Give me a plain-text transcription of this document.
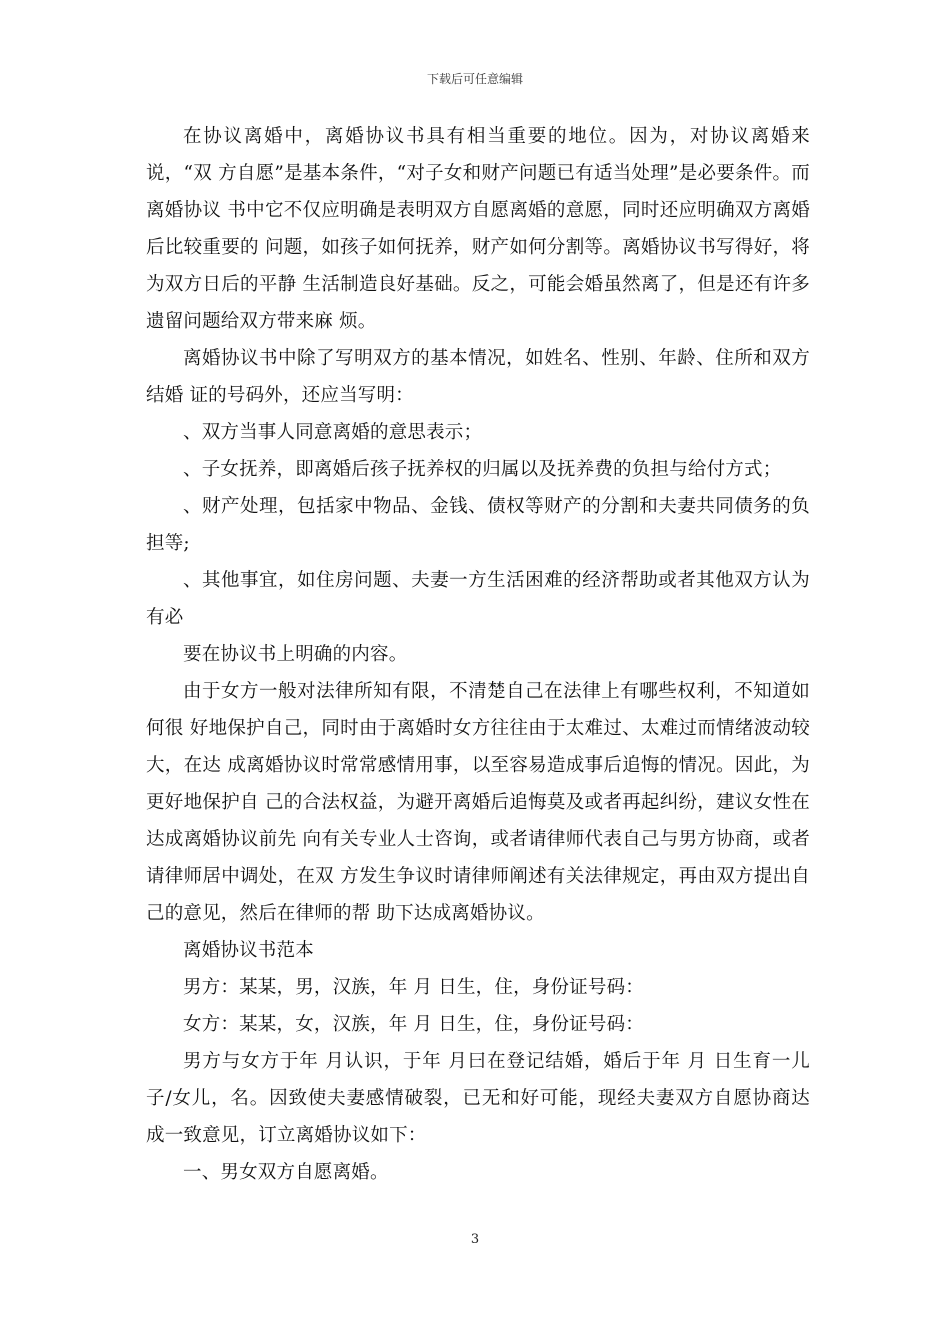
下载后可任意编辑

在协议离婚中，离婚协议书具有相当重要的地位。因为，对协议离婚来说，“双 方自愿”是基本条件，“对子女和财产问题已有适当处理”是必要条件。而离婚协议 书中它不仅应明确是表明双方自愿离婚的意愿，同时还应明确双方离婚后比较重要的 问题，如孩子如何抚养，财产如何分割等。离婚协议书写得好，将为双方日后的平静 生活制造良好基础。反之，可能会婚虽然离了，但是还有许多遗留问题给双方带来麻 烦。

离婚协议书中除了写明双方的基本情况，如姓名、性别、年龄、住所和双方结婚 证的号码外，还应当写明：

、双方当事人同意离婚的意思表示；

、子女抚养，即离婚后孩子抚养权的归属以及抚养费的负担与给付方式；

、财产处理，包括家中物品、金钱、债权等财产的分割和夫妻共同债务的负担等;

、其他事宜，如住房问题、夫妻一方生活困难的经济帮助或者其他双方认为有必

要在协议书上明确的内容。

由于女方一般对法律所知有限，不清楚自己在法律上有哪些权利，不知道如何很 好地保护自己，同时由于离婚时女方往往由于太难过、太难过而情绪波动较大，在达 成离婚协议时常常感情用事，以至容易造成事后追悔的情况。因此，为更好地保护自 己的合法权益，为避开离婚后追悔莫及或者再起纠纷，建议女性在达成离婚协议前先 向有关专业人士咨询，或者请律师代表自己与男方协商，或者请律师居中调处，在双 方发生争议时请律师阐述有关法律规定，再由双方提出自己的意见，然后在律师的帮 助下达成离婚协议。

离婚协议书范本

男方：某某，男，汉族，年 月 日生，住，身份证号码：

女方：某某，女，汉族，年 月 日生，住，身份证号码：

男方与女方于年 月认识，于年 月曰在登记结婚，婚后于年 月 日生育一儿子/女儿，名。因致使夫妻感情破裂，已无和好可能，现经夫妻双方自愿协商达 成一致意见，订立离婚协议如下：

一、男女双方自愿离婚。

3
